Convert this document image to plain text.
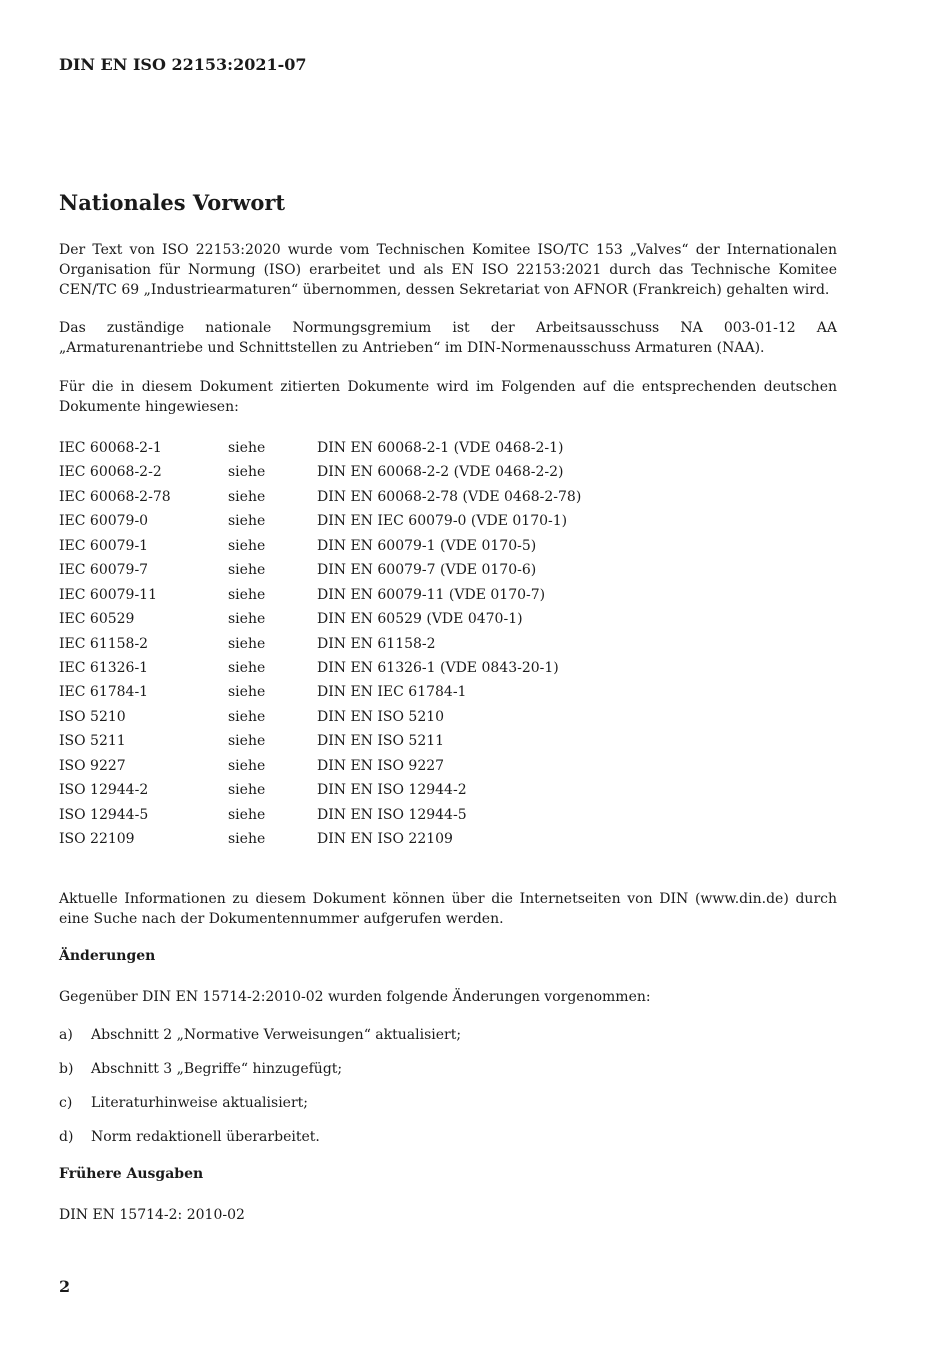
DIN EN ISO 22153:2021-07

Nationales Vorwort

Der Text von ISO 22153:2020 wurde vom Technischen Komitee ISO/TC 153 „Valves“ der Internationalen Organisation für Normung (ISO) erarbeitet und als EN ISO 22153:2021 durch das Technische Komitee CEN/TC 69 „Industriearmaturen“ übernommen, dessen Sekretariat von AFNOR (Frankreich) gehalten wird.

Das zuständige nationale Normungsgremium ist der Arbeitsausschuss NA 003-01-12 AA
„Armaturenantriebe und Schnittstellen zu Antrieben“ im DIN-Normenausschuss Armaturen (NAA).

Für die in diesem Dokument zitierten Dokumente wird im Folgenden auf die entsprechenden deutschen Dokumente hingewiesen:

IEC 60068-2-1	siehe	DIN EN 60068-2-1 (VDE 0468-2-1)
IEC 60068-2-2	siehe	DIN EN 60068-2-2 (VDE 0468-2-2)
IEC 60068-2-78	siehe	DIN EN 60068-2-78 (VDE 0468-2-78)
IEC 60079-0	siehe	DIN EN IEC 60079-0 (VDE 0170-1)
IEC 60079-1	siehe	DIN EN 60079-1 (VDE 0170-5)
IEC 60079-7	siehe	DIN EN 60079-7 (VDE 0170-6)
IEC 60079-11	siehe	DIN EN 60079-11 (VDE 0170-7)
IEC 60529	siehe	DIN EN 60529 (VDE 0470-1)
IEC 61158-2	siehe	DIN EN 61158-2
IEC 61326-1	siehe	DIN EN 61326-1 (VDE 0843-20-1)
IEC 61784-1	siehe	DIN EN IEC 61784-1
ISO 5210	siehe	DIN EN ISO 5210
ISO 5211	siehe	DIN EN ISO 5211
ISO 9227	siehe	DIN EN ISO 9227
ISO 12944-2	siehe	DIN EN ISO 12944-2
ISO 12944-5	siehe	DIN EN ISO 12944-5
ISO 22109	siehe	DIN EN ISO 22109

Aktuelle Informationen zu diesem Dokument können über die Internetseiten von DIN (www.din.de) durch eine Suche nach der Dokumentennummer aufgerufen werden.

Änderungen

Gegenüber DIN EN 15714-2:2010-02 wurden folgende Änderungen vorgenommen:

a)	Abschnitt 2 „Normative Verweisungen“ aktualisiert;
b)	Abschnitt 3 „Begriffe“ hinzugefügt;
c)	Literaturhinweise aktualisiert;
d)	Norm redaktionell überarbeitet.

Frühere Ausgaben

DIN EN 15714-2: 2010-02

2
